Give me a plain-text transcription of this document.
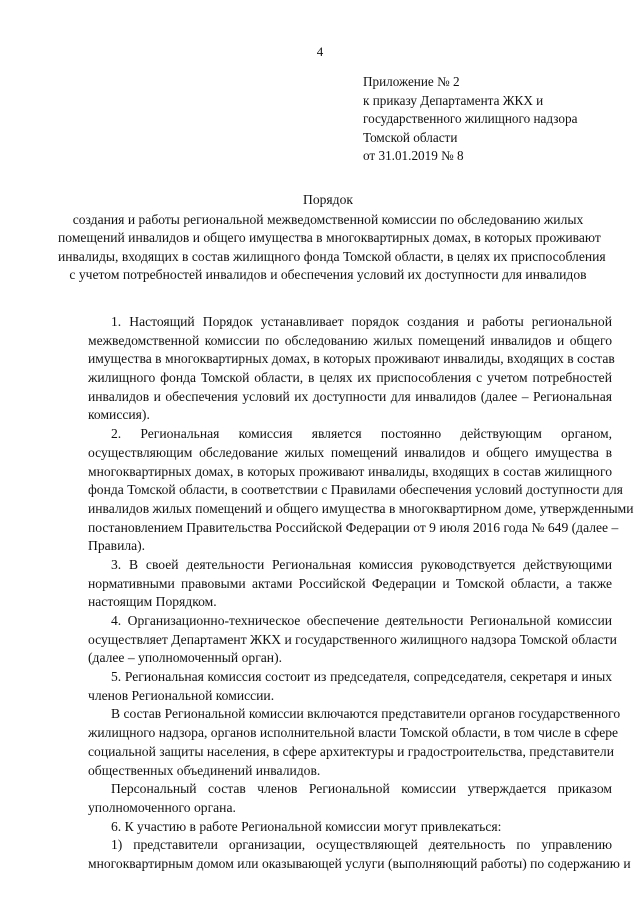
4
Приложение № 2
к приказу Департамента ЖКХ и
государственного жилищного надзора
Томской области
от 31.01.2019 № 8
Порядок
создания и работы региональной межведомственной комиссии по обследованию жилых
помещений инвалидов и общего имущества в многоквартирных домах, в которых проживают
инвалиды, входящих в состав жилищного фонда Томской области, в целях их приспособления
с учетом потребностей инвалидов и обеспечения условий их доступности для инвалидов
1. Настоящий Порядок устанавливает порядок создания и работы региональной
межведомственной комиссии по обследованию жилых помещений инвалидов и общего
имущества в многоквартирных домах, в которых проживают инвалиды, входящих в состав
жилищного фонда Томской области, в целях их приспособления с учетом потребностей
инвалидов и обеспечения условий их доступности для инвалидов (далее – Региональная
комиссия).
2. Региональная комиссия является постоянно действующим органом,
осуществляющим обследование жилых помещений инвалидов и общего имущества в
многоквартирных домах, в которых проживают инвалиды, входящих в состав жилищного
фонда Томской области, в соответствии с Правилами обеспечения условий доступности для
инвалидов жилых помещений и общего имущества в многоквартирном доме, утвержденными
постановлением Правительства Российской Федерации от 9 июля 2016 года № 649 (далее –
Правила).
3. В своей деятельности Региональная комиссия руководствуется действующими
нормативными правовыми актами Российской Федерации и Томской области, а также
настоящим Порядком.
4. Организационно-техническое обеспечение деятельности Региональной комиссии
осуществляет Департамент ЖКХ и государственного жилищного надзора Томской области
(далее – уполномоченный орган).
5. Региональная комиссия состоит из председателя, сопредседателя, секретаря и иных
членов Региональной комиссии.
В состав Региональной комиссии включаются представители органов государственного
жилищного надзора, органов исполнительной власти Томской области, в том числе в сфере
социальной защиты населения, в сфере архитектуры и градостроительства, представители
общественных объединений инвалидов.
Персональный состав членов Региональной комиссии утверждается приказом
уполномоченного органа.
6. К участию в работе Региональной комиссии могут привлекаться:
1) представители организации, осуществляющей деятельность по управлению
многоквартирным домом или оказывающей услуги (выполняющий работы) по содержанию и
